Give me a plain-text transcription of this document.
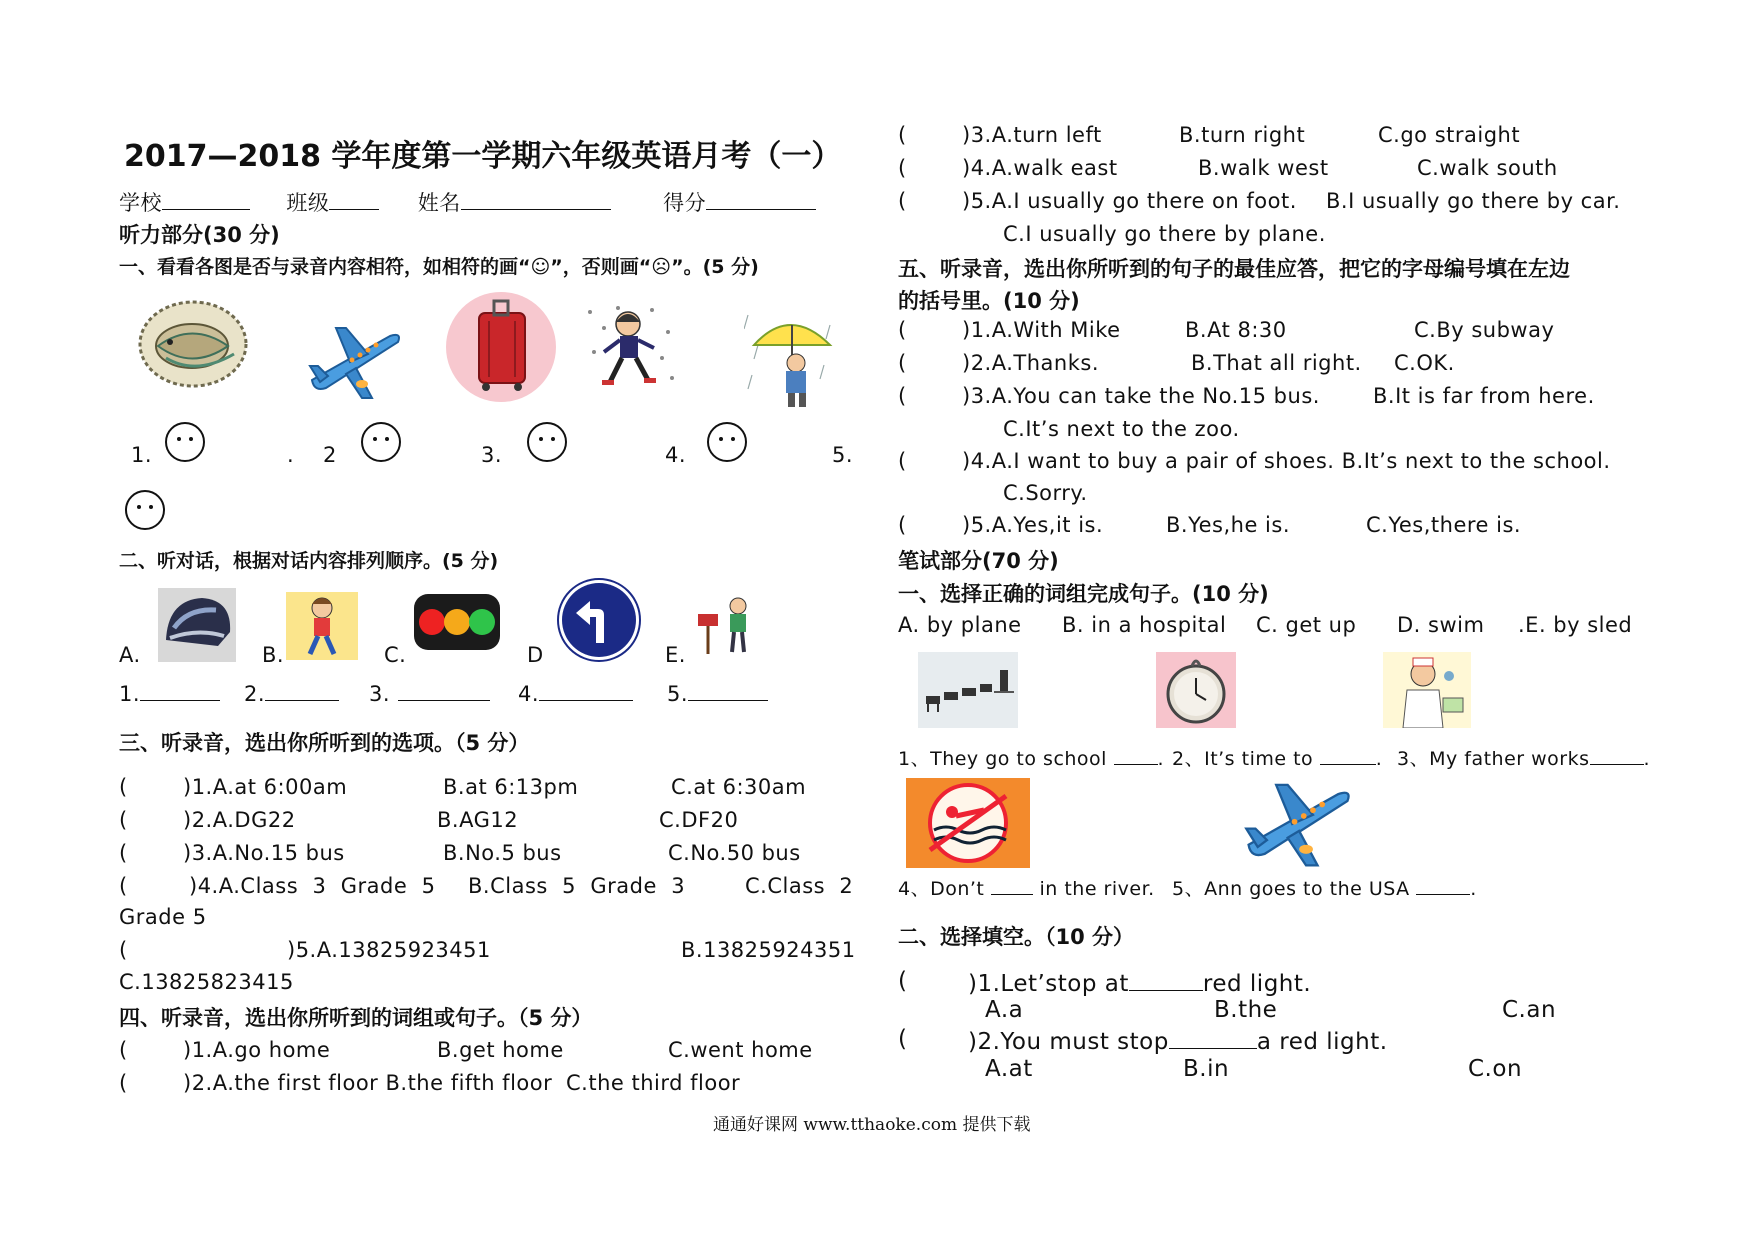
2017—2018 学年度第一学期六年级英语月考（一）
学校	班级	姓名	得分
听力部分(30 分)
一、看看各图是否与录音内容相符，如相符的画“☺”，否则画“☹”。(5 分)
1.	. 2	3.	4.	5.
二、听对话，根据对话内容排列顺序。(5 分)
A.	B.	C.	D	E.
1.	2.	3.	4.	5.
三、听录音，选出你所听到的选项。（5 分）
(	)1.A.at 6:00am	B.at 6:13pm	C.at 6:30am
(	)2.A.DG22	B.AG12	C.DF20
(	)3.A.No.15 bus	B.No.5 bus	C.No.50 bus
(	)4.A.Class  3  Grade  5 B.Class  5  Grade  3	C.Class  2
Grade 5
(	)5.A.13825923451	B.13825924351
C.13825823415
四、听录音，选出你所听到的词组或句子。（5 分）
(	)1.A.go home	B.get home	C.went home
(	)2.A.the first floor B.the fifth floor C.the third floor
(	)3.A.turn left	B.turn right	C.go straight
(	)4.A.walk east	B.walk west	C.walk south
(	)5.A.I usually go there on foot. B.I usually go there by car.
C.I usually go there by plane.
五、听录音，选出你所听到的句子的最佳应答，把它的字母编号填在左边
的括号里。(10 分)
(	)1.A.With Mike	B.At 8:30	C.By subway
(	)2.A.Thanks.	B.That all right. C.OK.
(	)3.A.You can take the No.15 bus.	B.It is far from here.
C.It’s next to the zoo.
(	)4.A.I want to buy a pair of shoes. B.It’s next to the school.
C.Sorry.
(	)5.A.Yes,it is.	B.Yes,he is.	C.Yes,there is.
笔试部分(70 分)
一、选择正确的词组完成句子。(10 分)
A. by plane B. in a hospital C. get up D. swim .E. by sled
1、They go to school	. 2、It’s time to	. 3、My father works	.
4、Don’t	in the river. 5、Ann goes to the USA	.
二、选择填空。（10 分）
(	)1.Let’stop at	red light.
A.a	B.the	C.an
(	)2.You must stop	a red light.
A.at	B.in	C.on
通通好课网 www.tthaoke.com 提供下载
